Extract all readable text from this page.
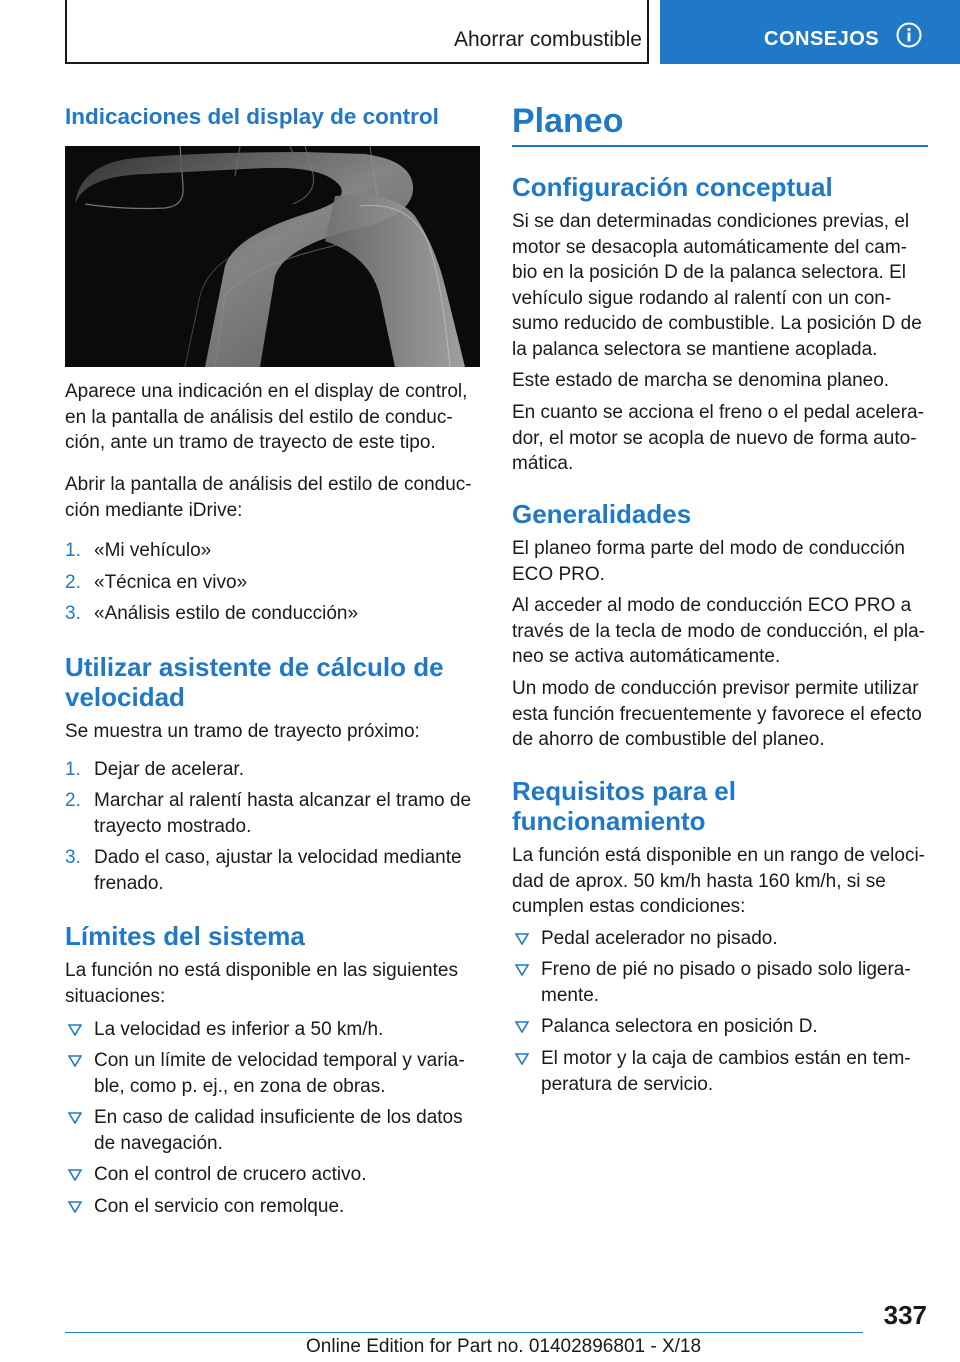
Ahorrar combustible	CONSEJOS
Indicaciones del display de control

Aparece una indicación en el display de control,

en la pantalla de análisis del estilo de conduc‐

ción, ante un tramo de trayecto de este tipo.

Abrir la pantalla de análisis del estilo de conduc‐

ción mediante iDrive:

1. «Mi vehículo»
2. «Técnica en vivo»
3. «Análisis estilo de conducción»
Utilizar asistente de cálculo de
velocidad

Se muestra un tramo de trayecto próximo:

1. Dejar de acelerar.
2. Marchar al ralentí hasta alcanzar el tramo de
trayecto mostrado.
3. Dado el caso, ajustar la velocidad mediante
frenado.
Límites del sistema

La función no está disponible en las siguientes

situaciones:

La velocidad es inferior a 50 km/h.
Con un límite de velocidad temporal y varia‐
ble, como p. ej., en zona de obras.
En caso de calidad insuficiente de los datos
de navegación.
Con el control de crucero activo.
Con el servicio con remolque.
Planeo
Configuración conceptual

Si se dan determinadas condiciones previas, el

motor se desacopla automáticamente del cam‐

bio en la posición D de la palanca selectora. El

vehículo sigue rodando al ralentí con un con‐

sumo reducido de combustible. La posición D de

la palanca selectora se mantiene acoplada.

Este estado de marcha se denomina planeo.

En cuanto se acciona el freno o el pedal acelera‐

dor, el motor se acopla de nuevo de forma auto‐

mática.

Generalidades

El planeo forma parte del modo de conducción

ECO PRO.

Al acceder al modo de conducción ECO PRO a

través de la tecla de modo de conducción, el pla‐

neo se activa automáticamente.

Un modo de conducción previsor permite utilizar

esta función frecuentemente y favorece el efecto

de ahorro de combustible del planeo.

Requisitos para el
funcionamiento

La función está disponible en un rango de veloci‐

dad de aprox. 50 km/h hasta 160 km/h, si se

cumplen estas condiciones:

Pedal acelerador no pisado.
Freno de pié no pisado o pisado solo ligera‐
mente.
Palanca selectora en posición D.
El motor y la caja de cambios están en tem‐
peratura de servicio.
337
Online Edition for Part no. 01402896801 - X/18
